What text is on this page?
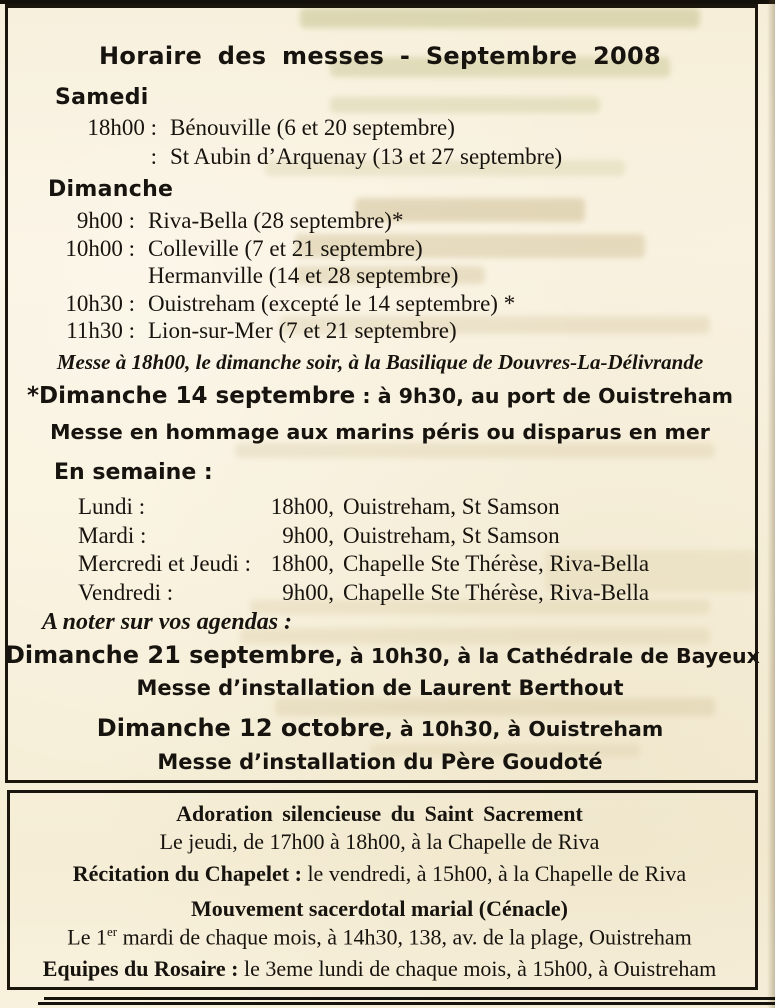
Horaire des messes - Septembre 2008
Samedi
18h00 : Bénouville (6 et 20 septembre)
: St Aubin d’Arquenay (13 et 27 septembre)
Dimanche
9h00 : Riva-Bella (28 septembre)*
10h00 : Colleville (7 et 21 septembre)
Hermanville (14 et 28 septembre)
10h30 : Ouistreham (excepté le 14 septembre) *
11h30 : Lion-sur-Mer (7 et 21 septembre)
Messe à 18h00, le dimanche soir, à la Basilique de Douvres-La-Délivrande
*Dimanche 14 septembre : à 9h30, au port de Ouistreham
Messe en hommage aux marins péris ou disparus en mer
En semaine :
Lundi :	18h00, Ouistreham, St Samson
Mardi :	9h00, Ouistreham, St Samson
Mercredi et Jeudi : 18h00, Chapelle Ste Thérèse, Riva-Bella
Vendredi :	9h00, Chapelle Ste Thérèse, Riva-Bella
A noter sur vos agendas :
Dimanche 21 septembre, à 10h30, à la Cathédrale de Bayeux
Messe d’installation de Laurent Berthout
Dimanche 12 octobre, à 10h30, à Ouistreham
Messe d’installation du Père Goudoté
Adoration silencieuse du Saint Sacrement
Le jeudi, de 17h00 à 18h00, à la Chapelle de Riva
Récitation du Chapelet : le vendredi, à 15h00, à la Chapelle de Riva
Mouvement sacerdotal marial (Cénacle)
Le 1er mardi de chaque mois, à 14h30, 138, av. de la plage, Ouistreham
Equipes du Rosaire : le 3eme lundi de chaque mois, à 15h00, à Ouistreham
